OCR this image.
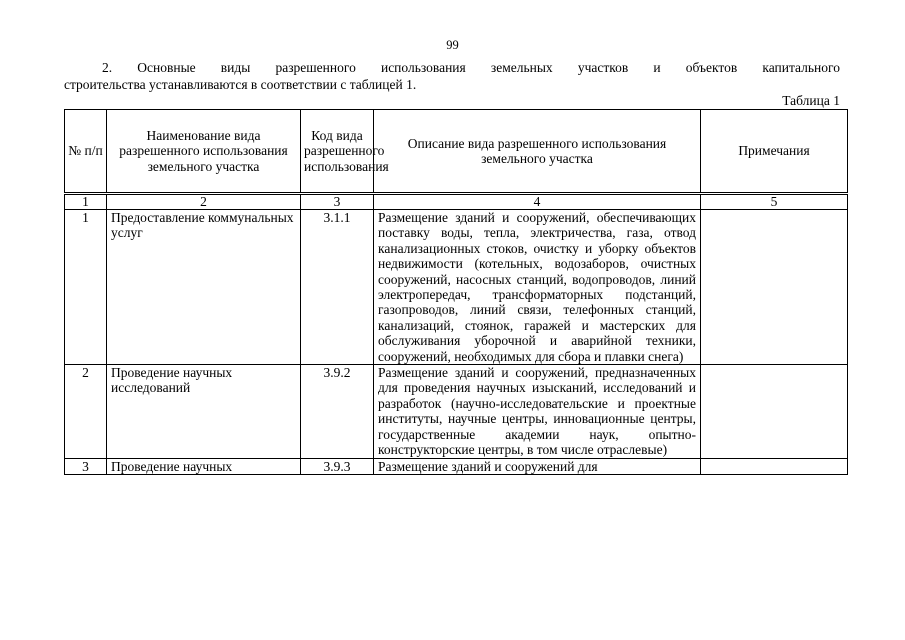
99
2. Основные виды разрешенного использования земельных участков и объектов капитального
строительства устанавливаются в соответствии с таблицей 1.
Таблица 1
№ п/п	Наименование вида разрешенного использования земельного участка	Код вида разрешенного использования	Описание вида разрешенного использования земельного участка	Примечания
1	2	3	4	5
1	Предоставление коммунальных услуг	3.1.1	Размещение зданий и сооружений, обеспечивающих поставку воды, тепла, электричества, газа, отвод канализационных стоков, очистку и уборку объектов недвижимости (котельных, водозаборов, очистных сооружений, насосных станций, водопроводов, линий электропередач, трансформаторных подстанций, газопроводов, линий связи, телефонных станций, канализаций, стоянок, гаражей и мастерских для обслуживания уборочной и аварийной техники, сооружений, необходимых для сбора и плавки снега)	
2	Проведение научных исследований	3.9.2	Размещение зданий и сооружений, предназначенных для проведения научных изысканий, исследований и разработок (научно-исследовательские и проектные институты, научные центры, инновационные центры, государственные академии наук, опытно-конструкторские центры, в том числе отраслевые)	
3	Проведение научных	3.9.3	Размещение зданий и сооружений для	
